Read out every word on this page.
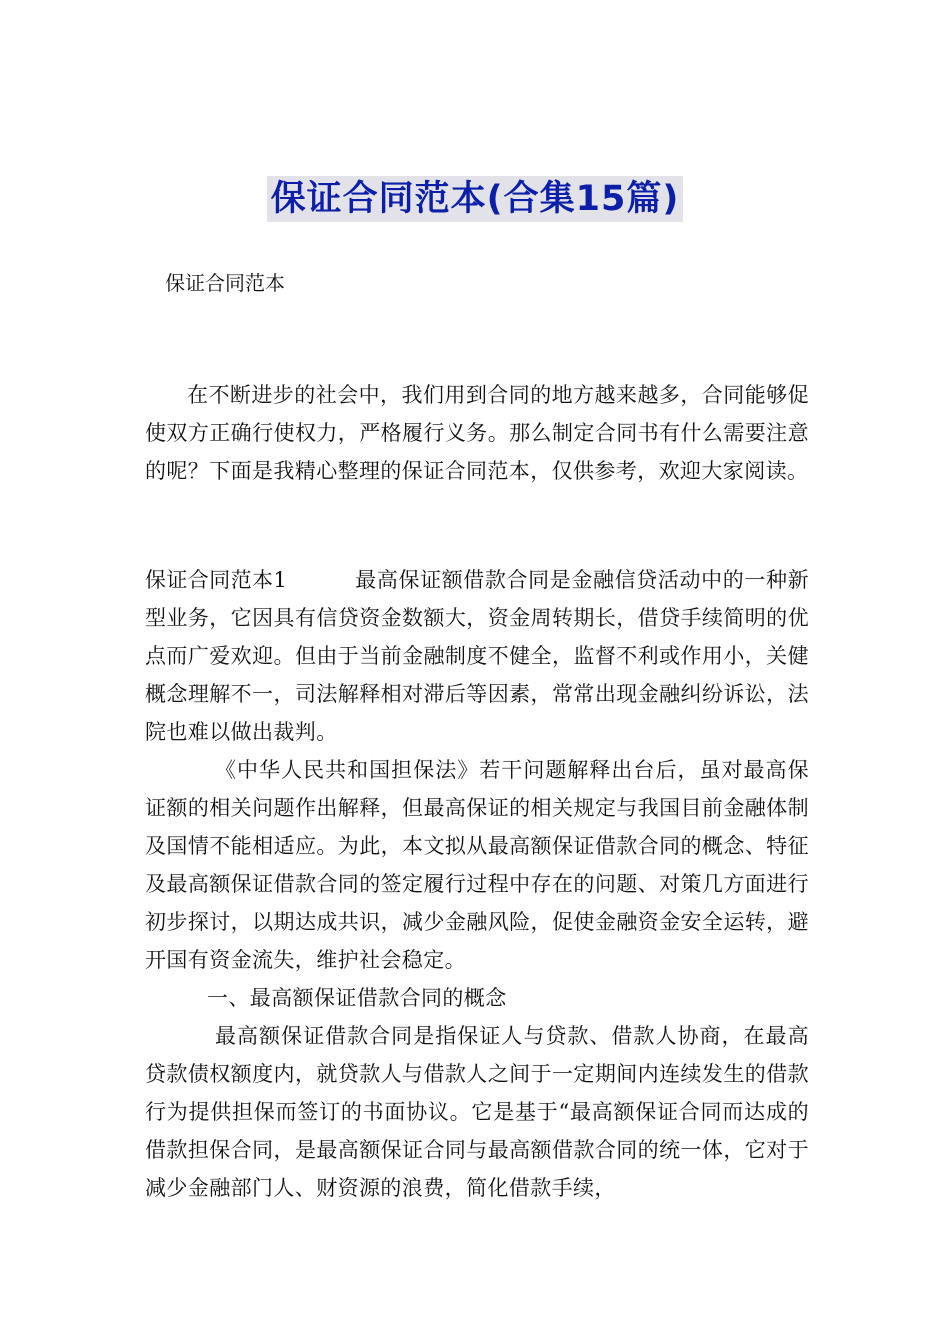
保证合同范本(合集15篇)
保证合同范本

在不断进步的社会中，我们用到合同的地方越来越多，合同能够促使双方正确行使权力，严格履行义务。那么制定合同书有什么需要注意的呢？下面是我精心整理的保证合同范本，仅供参考，欢迎大家阅读。

保证合同范本1	最高保证额借款合同是金融信贷活动中的一种新型业务，它因具有信贷资金数额大，资金周转期长，借贷手续简明的优点而广爱欢迎。但由于当前金融制度不健全，监督不利或作用小，关健概念理解不一，司法解释相对滞后等因素，常常出现金融纠纷诉讼，法院也难以做出裁判。

《中华人民共和国担保法》若干问题解释出台后，虽对最高保证额的相关问题作出解释，但最高保证的相关规定与我国目前金融体制及国情不能相适应。为此，本文拟从最高额保证借款合同的概念、特征及最高额保证借款合同的签定履行过程中存在的问题、对策几方面进行初步探讨，以期达成共识，减少金融风险，促使金融资金安全运转，避开国有资金流失，维护社会稳定。

一、最高额保证借款合同的概念

最高额保证借款合同是指保证人与贷款、借款人协商，在最高贷款债权额度内，就贷款人与借款人之间于一定期间内连续发生的借款行为提供担保而签订的书面协议。它是基于“最高额保证合同而达成的借款担保合同，是最高额保证合同与最高额借款合同的统一体，它对于减少金融部门人、财资源的浪费，简化借款手续，
